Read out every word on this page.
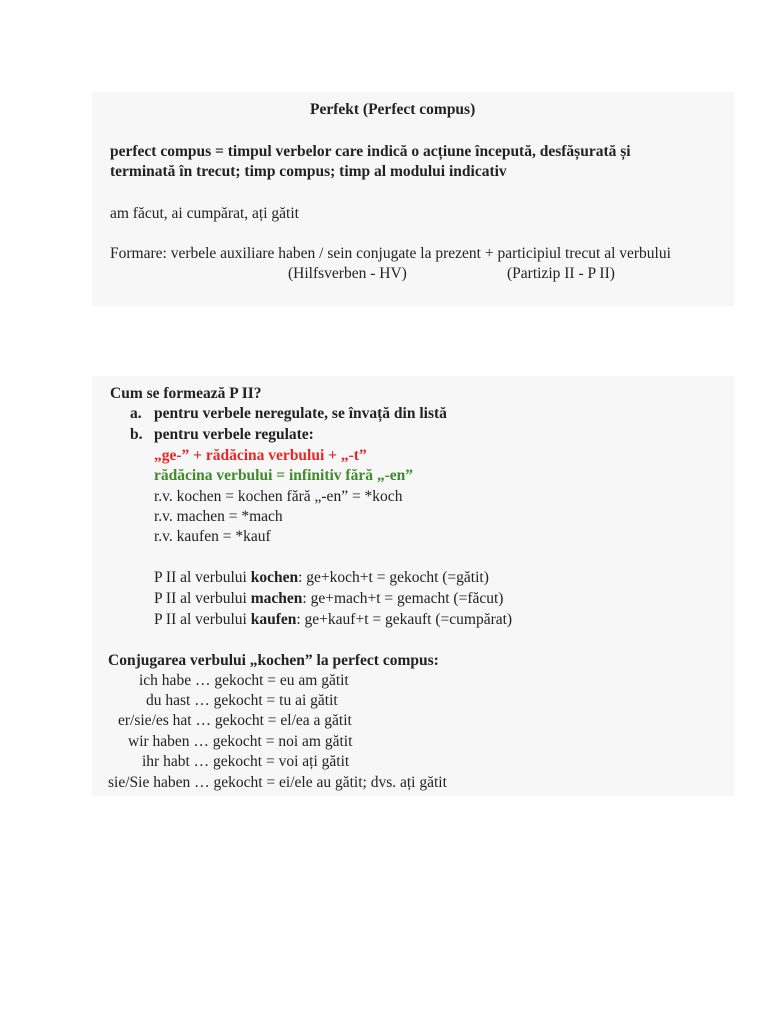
Perfekt (Perfect compus)
perfect compus = timpul verbelor care indică o acțiune începută, desfășurată și
terminată în trecut; timp compus; timp al modului indicativ
am făcut, ai cumpărat, ați gătit
Formare: verbele auxiliare haben / sein conjugate la prezent + participiul trecut al verbului
(Hilfsverben - HV)	(Partizip II - P II)
Cum se formează P II?
a. pentru verbele neregulate, se învață din listă
b. pentru verbele regulate:
„ge-” + rădăcina verbului + „-t”
rădăcina verbului = infinitiv fără „-en”
r.v. kochen = kochen fără „-en” = *koch
r.v. machen = *mach
r.v. kaufen = *kauf
P II al verbului kochen: ge+koch+t = gekocht (=gătit)
P II al verbului machen: ge+mach+t = gemacht (=făcut)
P II al verbului kaufen: ge+kauf+t = gekauft (=cumpărat)
Conjugarea verbului „kochen” la perfect compus:
ich habe … gekocht = eu am gătit
du hast … gekocht = tu ai gătit
er/sie/es hat … gekocht = el/ea a gătit
wir haben … gekocht = noi am gătit
ihr habt … gekocht = voi ați gătit
sie/Sie haben … gekocht = ei/ele au gătit; dvs. ați gătit
